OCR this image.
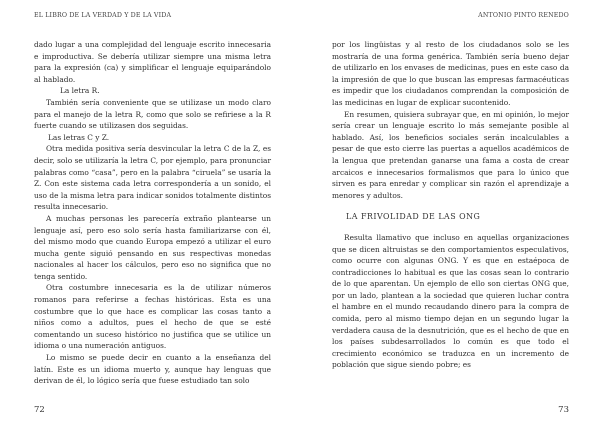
EL LIBRO DE LA VERDAD Y DE LA VIDA

dado lugar a una complejidad del lenguaje escrito innecesaria e improductiva. Se debería utilizar siempre una misma letra para la expresión (ca) y simplificar el lenguaje equiparándolo al hablado.

La letra R.

También sería conveniente que se utilizase un modo claro para el manejo de la letra R, como que solo se refiriese a la R fuerte cuando se utilizasen dos seguidas.

Las letras C y Z.

Otra medida positiva sería desvincular la letra C de la Z, es decir, solo se utilizaría la letra C, por ejemplo, para pronunciar palabras como “casa”, pero en la palabra “ciruela” se usaría la Z. Con este sistema cada letra correspondería a un sonido, el uso de la misma letra para indicar sonidos totalmente distintos resulta innecesario.

A muchas personas les parecería extraño plantearse un lenguaje así, pero eso solo sería hasta familiarizarse con él, del mismo modo que cuando Europa empezó a utilizar el euro mucha gente siguió pensando en sus respectivas monedas nacionales al hacer los cálculos, pero eso no significa que no tenga sentido.

Otra costumbre innecesaria es la de utilizar números romanos para referirse a fechas históricas. Esta es una costumbre que lo que hace es complicar las cosas tanto a niños como a adultos, pues el hecho de que se esté comentando un suceso histórico no justifica que se utilice un idioma o una numeración antiguos.

Lo mismo se puede decir en cuanto a la enseñanza del latín. Este es un idioma muerto y, aunque hay lenguas que derivan de él, lo lógico sería que fuese estudiado tan solo

72
ANTONIO PINTO RENEDO

por los lingüistas y al resto de los ciudadanos solo se les mostraría de una forma genérica. También sería bueno dejar de utilizarlo en los envases de medicinas, pues en este caso da la impresión de que lo que buscan las empresas farmacéuticas es impedir que los ciudadanos comprendan la composición de las medicinas en lugar de explicar sucontenido.

En resumen, quisiera subrayar que, en mi opinión, lo mejor sería crear un lenguaje escrito lo más semejante posible al hablado. Así, los beneficios sociales serán incalculables a pesar de que esto cierre las puertas a aquellos académicos de la lengua que pretendan ganarse una fama a costa de crear arcaicos e innecesarios formalismos que para lo único que sirven es para enredar y complicar sin razón el aprendizaje a menores y adultos.

LA FRIVOLIDAD DE LAS ONG

Resulta llamativo que incluso en aquellas organizaciones que se dicen altruistas se den comportamientos especulativos, como ocurre con algunas ONG. Y es que en estaépoca de contradicciones lo habitual es que las cosas sean lo contrario de lo que aparentan. Un ejemplo de ello son ciertas ONG que, por un lado, plantean a la sociedad que quieren luchar contra el hambre en el mundo recaudando dinero para la compra de comida, pero al mismo tiempo dejan en un segundo lugar la verdadera causa de la desnutrición, que es el hecho de que en los países subdesarrollados lo común es que todo el crecimiento económico se traduzca en un incremento de población que sigue siendo pobre; es

73
